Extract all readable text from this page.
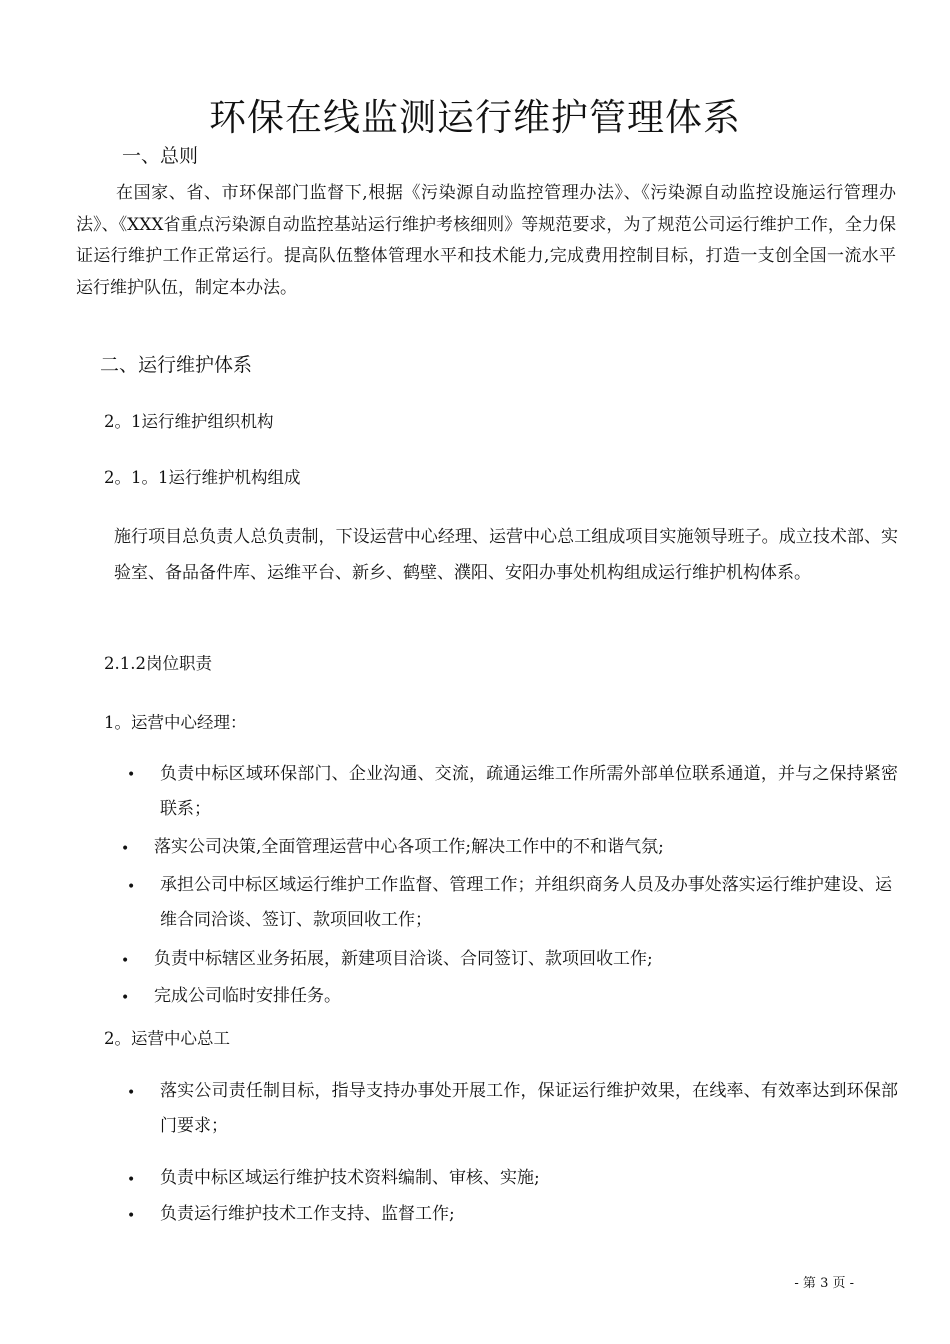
环保在线监测运行维护管理体系
一、总则
在国家、省、市环保部门监督下,根据《污染源自动监控管理办法》、《污染源自动监控设施运行管理办法》、《XXX省重点污染源自动监控基站运行维护考核细则》等规范要求，为了规范公司运行维护工作，全力保证运行维护工作正常运行。提高队伍整体管理水平和技术能力,完成费用控制目标，打造一支创全国一流水平运行维护队伍，制定本办法。
二、运行维护体系
2。1运行维护组织机构
2。1。1运行维护机构组成
施行项目总负责人总负责制，下设运营中心经理、运营中心总工组成项目实施领导班子。成立技术部、实验室、备品备件库、运维平台、新乡、鹤壁、濮阳、安阳办事处机构组成运行维护机构体系。
2.1.2岗位职责
1。运营中心经理：
• 负责中标区域环保部门、企业沟通、交流，疏通运维工作所需外部单位联系通道，并与之保持紧密联系；
• 落实公司决策,全面管理运营中心各项工作;解决工作中的不和谐气氛;
• 承担公司中标区域运行维护工作监督、管理工作；并组织商务人员及办事处落实运行维护建设、运维合同洽谈、签订、款项回收工作；
• 负责中标辖区业务拓展，新建项目洽谈、合同签订、款项回收工作;
• 完成公司临时安排任务。
2。运营中心总工
• 落实公司责任制目标，指导支持办事处开展工作，保证运行维护效果，在线率、有效率达到环保部门要求；
• 负责中标区域运行维护技术资料编制、审核、实施;
• 负责运行维护技术工作支持、监督工作;
- 第 3 页 -
